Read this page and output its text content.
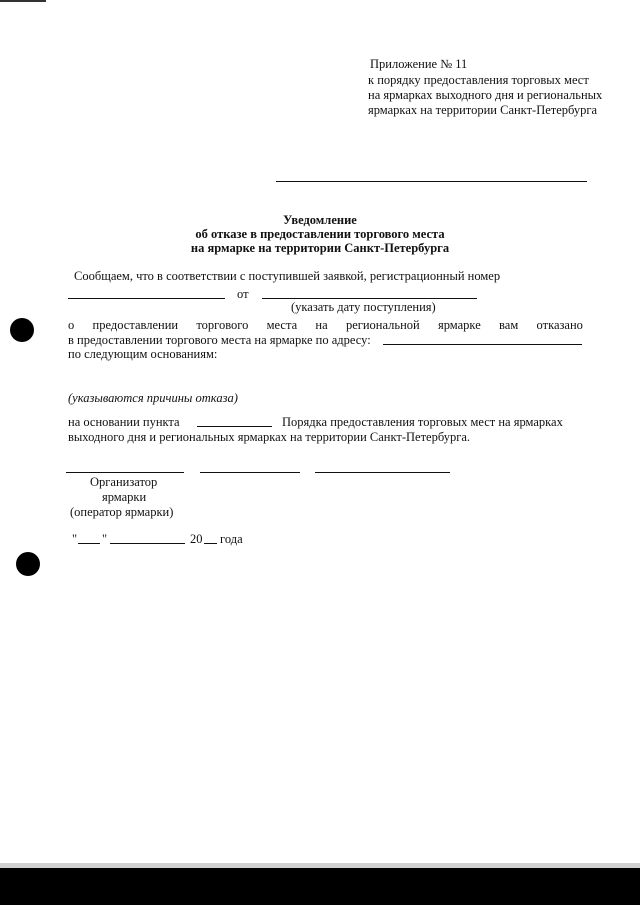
Приложение № 11
к порядку предоставления торговых мест
на ярмарках выходного дня и региональных
ярмарках на территории Санкт-Петербурга
Уведомление
об отказе в предоставлении торгового места
на ярмарке на территории Санкт-Петербурга
Сообщаем, что в соответствии с поступившей заявкой, регистрационный номер
от
(указать дату поступления)
о предоставлении торгового места на региональной ярмарке вам отказано
в предоставлении торгового места на ярмарке по адресу:
по следующим основаниям:
(указываются причины отказа)
на основании пункта	Порядка предоставления торговых мест на ярмарках
выходного дня и региональных ярмарках на территории Санкт-Петербурга.
Организатор
ярмарки
(оператор ярмарки)
" "	20 года
